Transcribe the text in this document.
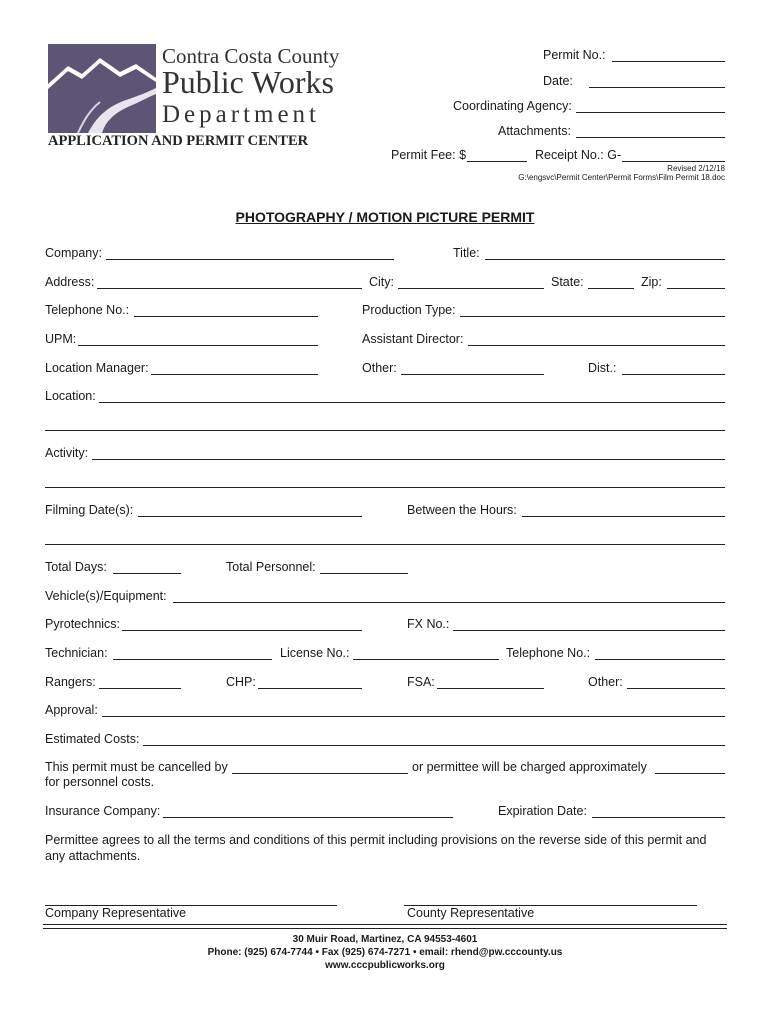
Contra Costa County
Public Works
Department
APPLICATION AND PERMIT CENTER
Permit No.:
Date:
Coordinating Agency:
Attachments:
Permit Fee: $	Receipt No.: G-
Revised 2/12/18
G:\engsvc\Permit Center\Permit Forms\Film Permit 18.doc
PHOTOGRAPHY / MOTION PICTURE PERMIT
Company:	Title:
Address:	City:	State:	Zip:
Telephone No.:	Production Type:
UPM:	Assistant Director:
Location Manager:	Other:	Dist.:
Location:
Activity:
Filming Date(s):	Between the Hours:
Total Days:	Total Personnel:
Vehicle(s)/Equipment:
Pyrotechnics:	FX No.:
Technician:	License No.:	Telephone No.:
Rangers:	CHP:	FSA:	Other:
Approval:
Estimated Costs:
This permit must be cancelled by	or permittee will be charged approximately
for personnel costs.
Insurance Company:	Expiration Date:
Permittee agrees to all the terms and conditions of this permit including provisions on the reverse side of this permit and any attachments.
Company Representative	County Representative
30 Muir Road, Martinez, CA 94553-4601
Phone: (925) 674-7744 • Fax (925) 674-7271 • email: rhend@pw.cccounty.us
www.cccpublicworks.org
